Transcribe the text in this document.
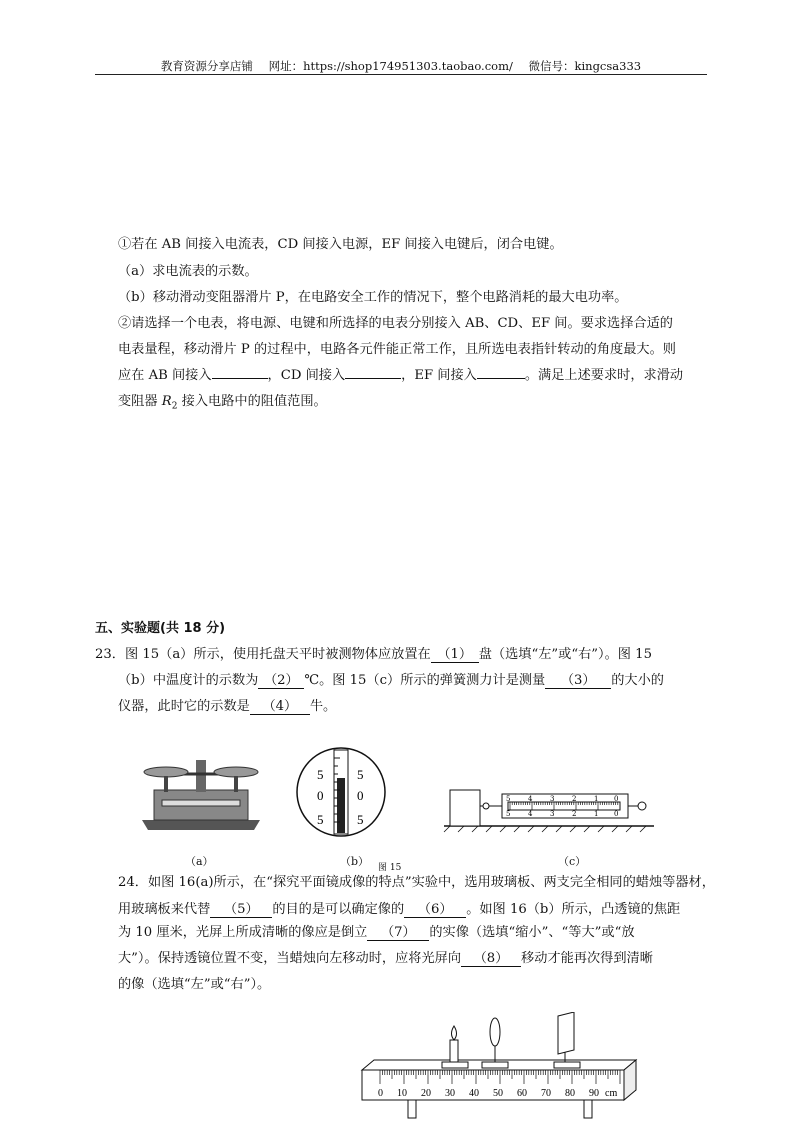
教育资源分享店铺 网址：https://shop174951303.taobao.com/ 微信号：kingcsa333
①若在 AB 间接入电流表，CD 间接入电源，EF 间接入电键后，闭合电键。
（a）求电流表的示数。
（b）移动滑动变阻器滑片 P，在电路安全工作的情况下，整个电路消耗的最大电功率。
②请选择一个电表，将电源、电键和所选择的电表分别接入 AB、CD、EF 间。要求选择合适的
电表量程，移动滑片 P 的过程中，电路各元件能正常工作，且所选电表指针转动的角度最大。则
应在 AB 间接入	，CD 间接入	，EF 间接入	。满足上述要求时，求滑动
变阻器 $R_2$ 接入电路中的阻值范围。
五、实验题(共 18 分)
23．图 15（a）所示，使用托盘天平时被测物体应放置在 （1） 盘（选填“左”或“右”）。图 15
（b）中温度计的示数为 （2） ℃。图 15（c）所示的弹簧测力计是测量 （3） 的大小的
仪器，此时它的示数是 （4） 牛。
5	5
0	0
5	5
5	4	3	2	1 0
5	4	3	2	1 0
（a）	（b） 图 15	（c）
24．如图 16(a)所示，在“探究平面镜成像的特点”实验中，选用玻璃板、两支完全相同的蜡烛等器材，
用玻璃板来代替 （5） 的目的是可以确定像的 （6） 。如图 16（b）所示，凸透镜的焦距
为 10 厘米，光屏上所成清晰的像应是倒立 （7） 的实像（选填“缩小”、“等大”或“放
大”）。保持透镜位置不变，当蜡烛向左移动时，应将光屏向 （8） 移动才能再次得到清晰
的像（选填“左”或“右”）。
0 10 20 30 40 50 60 70 80 90 cm
